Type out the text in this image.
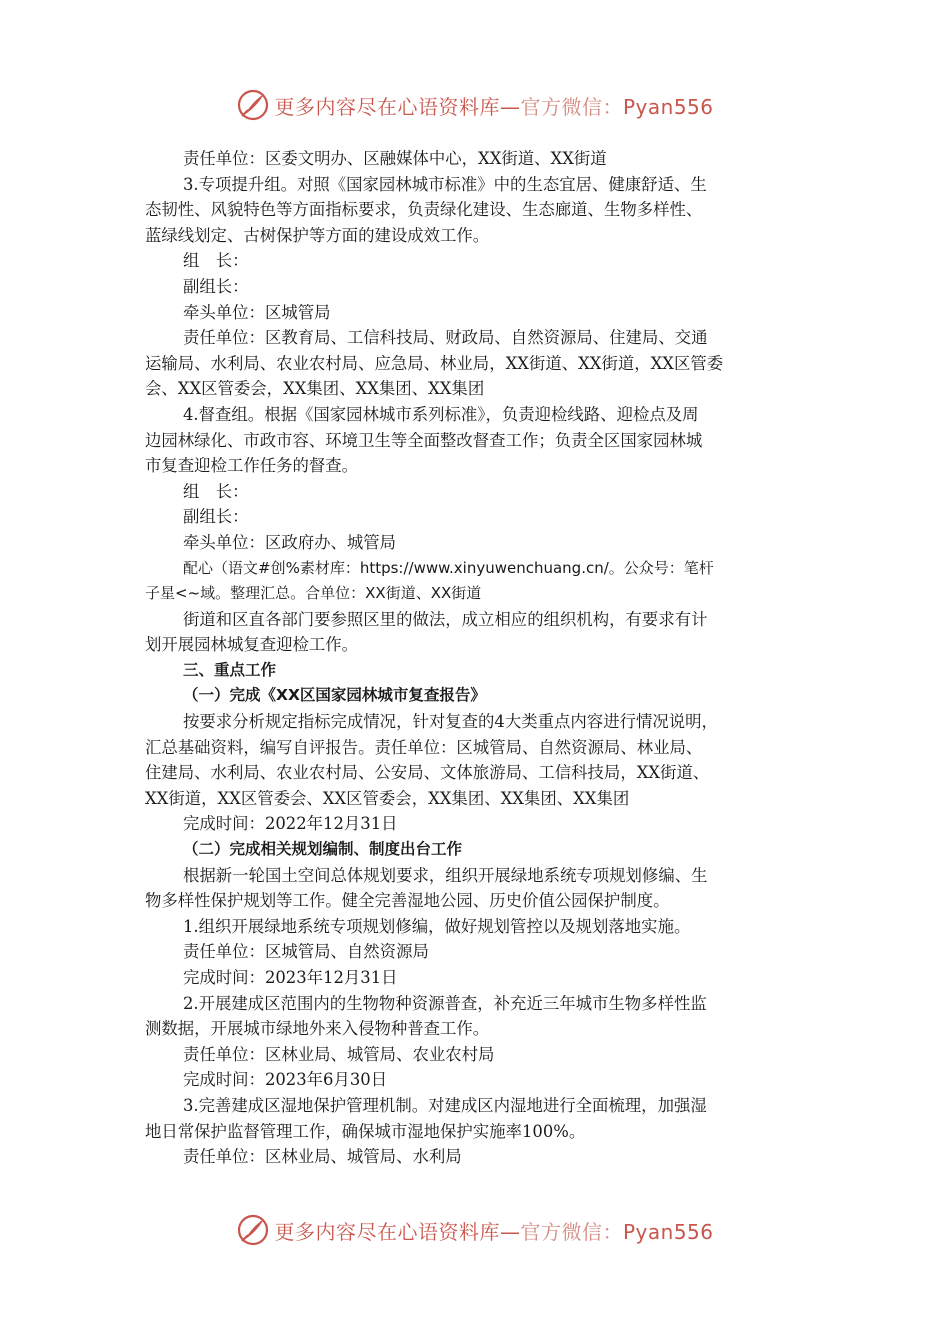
更多内容尽在心语资料库—官方微信：Pyan556
责任单位：区委文明办、区融媒体中心，XX街道、XX街道
3.专项提升组。对照《国家园林城市标准》中的生态宜居、健康舒适、生
态韧性、风貌特色等方面指标要求，负责绿化建设、生态廊道、生物多样性、
蓝绿线划定、古树保护等方面的建设成效工作。
组　长：
副组长：
牵头单位：区城管局
责任单位：区教育局、工信科技局、财政局、自然资源局、住建局、交通
运输局、水利局、农业农村局、应急局、林业局，XX街道、XX街道，XX区管委
会、XX区管委会，XX集团、XX集团、XX集团
4.督查组。根据《国家园林城市系列标准》，负责迎检线路、迎检点及周
边园林绿化、市政市容、环境卫生等全面整改督查工作；负责全区国家园林城
市复查迎检工作任务的督查。
组　长：
副组长：
牵头单位：区政府办、城管局
配心（语文#创%素材库：https://www.xinyuwenchuang.cn/。公众号：笔杆
子星<~域。整理汇总。合单位：XX街道、XX街道
街道和区直各部门要参照区里的做法，成立相应的组织机构，有要求有计
划开展园林城复查迎检工作。
三、重点工作
（一）完成《XX区国家园林城市复查报告》
按要求分析规定指标完成情况，针对复查的4大类重点内容进行情况说明，
汇总基础资料，编写自评报告。责任单位：区城管局、自然资源局、林业局、
住建局、水利局、农业农村局、公安局、文体旅游局、工信科技局，XX街道、
XX街道，XX区管委会、XX区管委会，XX集团、XX集团、XX集团
完成时间：2022年12月31日
（二）完成相关规划编制、制度出台工作
根据新一轮国土空间总体规划要求，组织开展绿地系统专项规划修编、生
物多样性保护规划等工作。健全完善湿地公园、历史价值公园保护制度。
1.组织开展绿地系统专项规划修编，做好规划管控以及规划落地实施。
责任单位：区城管局、自然资源局
完成时间：2023年12月31日
2.开展建成区范围内的生物物种资源普查，补充近三年城市生物多样性监
测数据，开展城市绿地外来入侵物种普查工作。
责任单位：区林业局、城管局、农业农村局
完成时间：2023年6月30日
3.完善建成区湿地保护管理机制。对建成区内湿地进行全面梳理，加强湿
地日常保护监督管理工作，确保城市湿地保护实施率100%。
责任单位：区林业局、城管局、水利局
更多内容尽在心语资料库—官方微信：Pyan556
